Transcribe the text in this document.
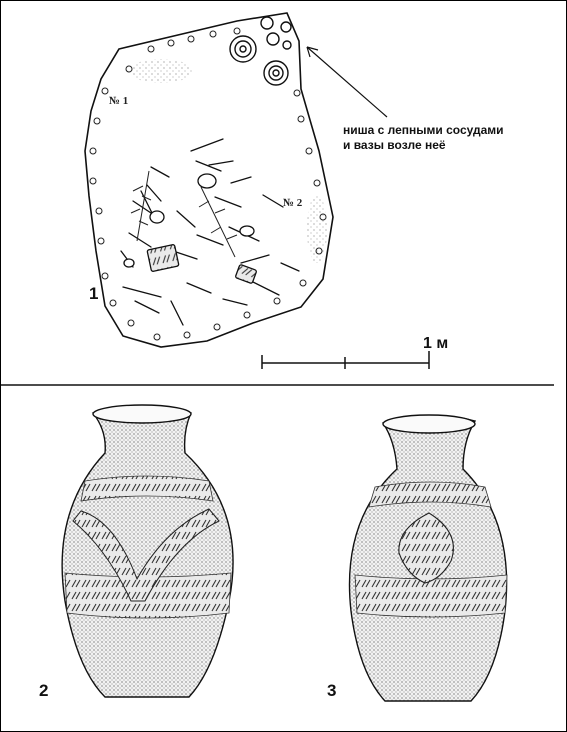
№ 1
№ 2
ниша с лепными сосудами
и вазы возле неё
1
1 м
2	3
